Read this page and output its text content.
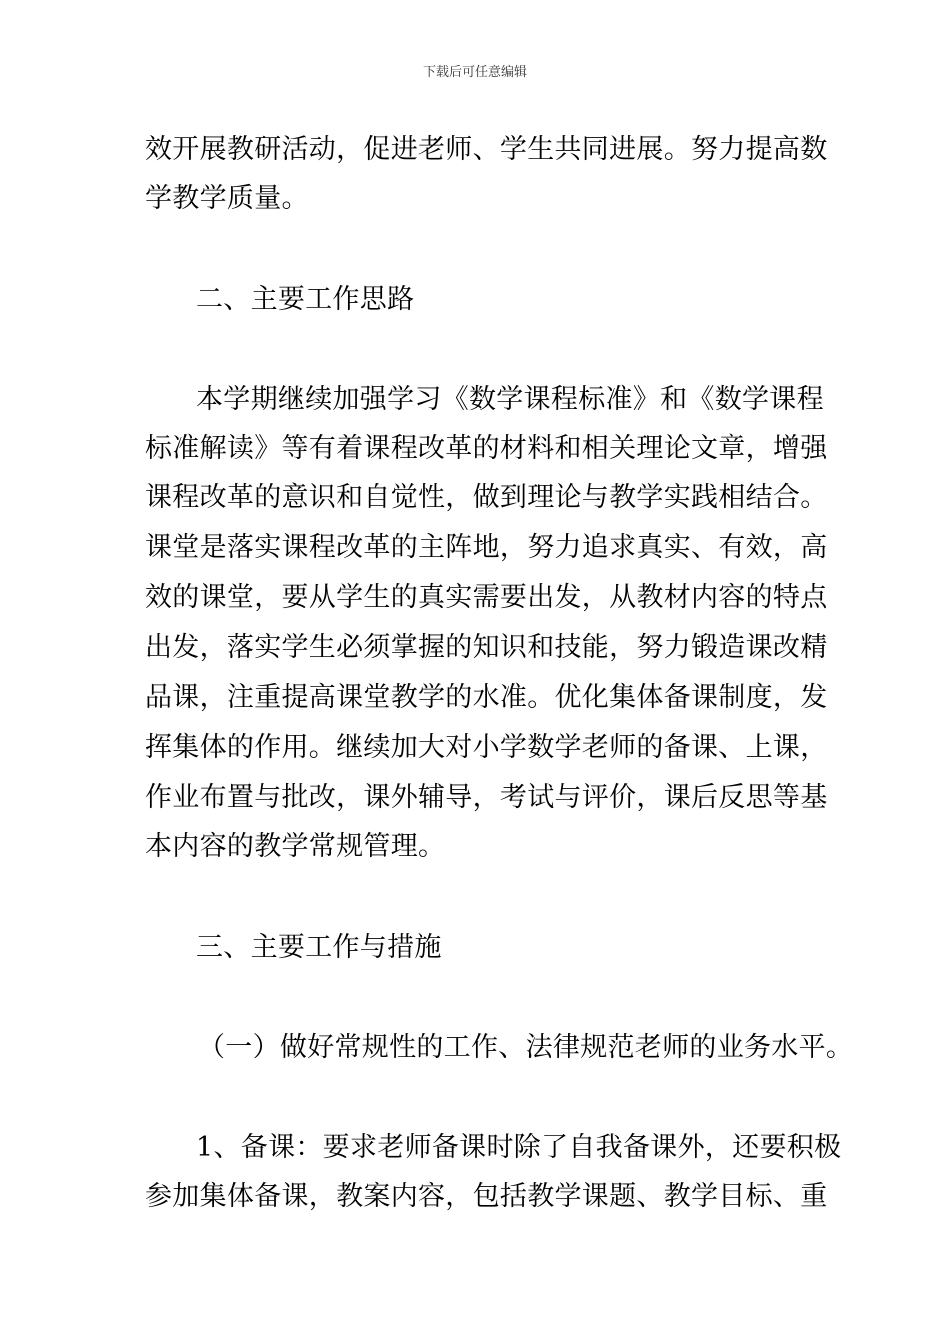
下载后可任意编辑
效开展教研活动，促进老师、学生共同进展。努力提高数
学教学质量。
二、主要工作思路
本学期继续加强学习《数学课程标准》和《数学课程
标准解读》等有着课程改革的材料和相关理论文章，增强
课程改革的意识和自觉性，做到理论与教学实践相结合。
课堂是落实课程改革的主阵地，努力追求真实、有效，高
效的课堂，要从学生的真实需要出发，从教材内容的特点
出发，落实学生必须掌握的知识和技能，努力锻造课改精
品课，注重提高课堂教学的水准。优化集体备课制度，发
挥集体的作用。继续加大对小学数学老师的备课、上课，
作业布置与批改，课外辅导，考试与评价，课后反思等基
本内容的教学常规管理。
三、主要工作与措施
（一）做好常规性的工作、法律规范老师的业务水平。
1、备课：要求老师备课时除了自我备课外，还要积极
参加集体备课，教案内容，包括教学课题、教学目标、重
